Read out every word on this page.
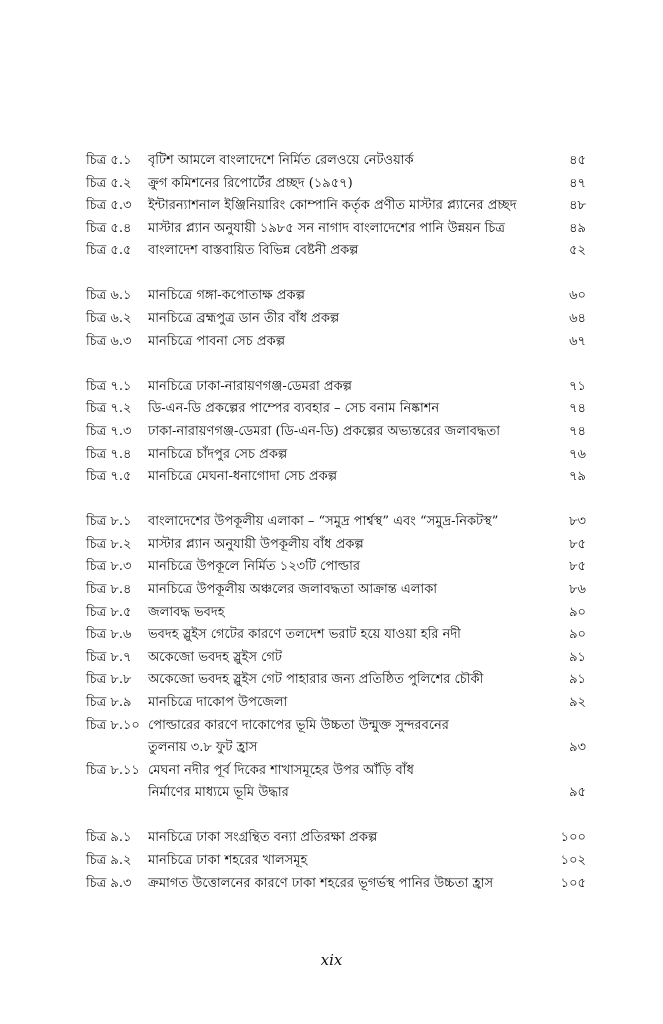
চিত্র ৫.১	বৃটিশ আমলে বাংলাদেশে নির্মিত রেলওয়ে নেটওয়ার্ক	৪৫
চিত্র ৫.২	ক্রুগ কমিশনের রিপোর্টের প্রচ্ছদ (১৯৫৭)	৪৭
চিত্র ৫.৩	ইন্টারন্যাশনাল ইঞ্জিনিয়ারিং কোম্পানি কর্তৃক প্রণীত মাস্টার প্ল্যানের প্রচ্ছদ	৪৮
চিত্র ৫.৪	মাস্টার প্ল্যান অনুযায়ী ১৯৮৫ সন নাগাদ বাংলাদেশের পানি উন্নয়ন চিত্র	৪৯
চিত্র ৫.৫	বাংলাদেশ বাস্তবায়িত বিভিন্ন বেষ্টনী প্রকল্প	৫২
চিত্র ৬.১	মানচিত্রে গঙ্গা-কপোতাক্ষ প্রকল্প	৬০
চিত্র ৬.২	মানচিত্রে ব্রহ্মপুত্র ডান তীর বাঁধ প্রকল্প	৬৪
চিত্র ৬.৩	মানচিত্রে পাবনা সেচ প্রকল্প	৬৭
চিত্র ৭.১	মানচিত্রে ঢাকা-নারায়ণগঞ্জ-ডেমরা প্রকল্প	৭১
চিত্র ৭.২	ডি-এন-ডি প্রকল্পের পাম্পের ব্যবহার – সেচ বনাম নিষ্কাশন	৭৪
চিত্র ৭.৩	ঢাকা-নারায়ণগঞ্জ-ডেমরা (ডি-এন-ডি) প্রকল্পের অভ্যন্তরের জলাবদ্ধতা	৭৪
চিত্র ৭.৪	মানচিত্রে চাঁদপুর সেচ প্রকল্প	৭৬
চিত্র ৭.৫	মানচিত্রে মেঘনা-ধনাগোদা সেচ প্রকল্প	৭৯
চিত্র ৮.১	বাংলাদেশের উপকূলীয় এলাকা – “সমুদ্র পার্শ্বস্থ” এবং “সমুদ্র-নিকটস্থ”	৮৩
চিত্র ৮.২	মাস্টার প্ল্যান অনুযায়ী উপকূলীয় বাঁধ প্রকল্প	৮৫
চিত্র ৮.৩	মানচিত্রে উপকূলে নির্মিত ১২৩টি পোল্ডার	৮৫
চিত্র ৮.৪	মানচিত্রে উপকূলীয় অঞ্চলের জলাবদ্ধতা আক্রান্ত এলাকা	৮৬
চিত্র ৮.৫	জলাবদ্ধ ভবদহ	৯০
চিত্র ৮.৬	ভবদহ স্লুইস গেটের কারণে তলদেশ ভরাট হয়ে যাওয়া হরি নদী	৯০
চিত্র ৮.৭	অকেজো ভবদহ স্লুইস গেট	৯১
চিত্র ৮.৮	অকেজো ভবদহ স্লুইস গেট পাহারার জন্য প্রতিষ্ঠিত পুলিশের চৌকী	৯১
চিত্র ৮.৯	মানচিত্রে দাকোপ উপজেলা	৯২
চিত্র ৮.১০ পোল্ডারের কারণে দাকোপের ভূমি উচ্চতা উন্মুক্ত সুন্দরবনের
তুলনায় ৩.৮ ফুট হ্রাস	৯৩
চিত্র ৮.১১ মেঘনা নদীর পূর্ব দিকের শাখাসমূহের উপর আঁড়ি বাঁধ
নির্মাণের মাধ্যমে ভূমি উদ্ধার	৯৫
চিত্র ৯.১	মানচিত্রে ঢাকা সংগ্রন্থিত বন্যা প্রতিরক্ষা প্রকল্প	১০০
চিত্র ৯.২	মানচিত্রে ঢাকা শহরের খালসমূহ	১০২
চিত্র ৯.৩	ক্রমাগত উত্তোলনের কারণে ঢাকা শহরের ভূগর্ভস্থ পানির উচ্চতা হ্রাস	১০৫
xix
